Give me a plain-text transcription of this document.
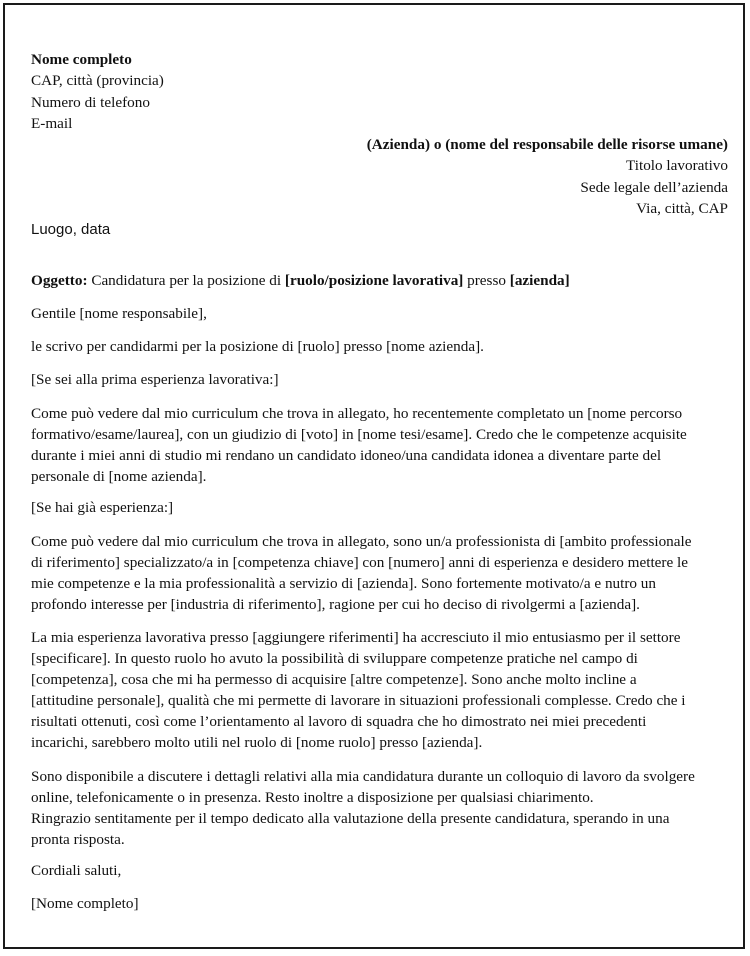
Nome completo
CAP, città (provincia)
Numero di telefono
E-mail
(Azienda) o (nome del responsabile delle risorse umane)
Titolo lavorativo
Sede legale dell’azienda
Via, città, CAP
Luogo, data
Oggetto: Candidatura per la posizione di [ruolo/posizione lavorativa] presso [azienda]
Gentile [nome responsabile],
le scrivo per candidarmi per la posizione di [ruolo] presso [nome azienda].
[Se sei alla prima esperienza lavorativa:]
Come può vedere dal mio curriculum che trova in allegato, ho recentemente completato un [nome percorso
formativo/esame/laurea], con un giudizio di [voto] in [nome tesi/esame]. Credo che le competenze acquisite
durante i miei anni di studio mi rendano un candidato idoneo/una candidata idonea a diventare parte del
personale di [nome azienda].
[Se hai già esperienza:]
Come può vedere dal mio curriculum che trova in allegato, sono un/a professionista di [ambito professionale
di riferimento] specializzato/a in [competenza chiave] con [numero] anni di esperienza e desidero mettere le
mie competenze e la mia professionalità a servizio di [azienda]. Sono fortemente motivato/a e nutro un
profondo interesse per [industria di riferimento], ragione per cui ho deciso di rivolgermi a [azienda].
La mia esperienza lavorativa presso [aggiungere riferimenti] ha accresciuto il mio entusiasmo per il settore
[specificare]. In questo ruolo ho avuto la possibilità di sviluppare competenze pratiche nel campo di
[competenza], cosa che mi ha permesso di acquisire [altre competenze]. Sono anche molto incline a
[attitudine personale], qualità che mi permette di lavorare in situazioni professionali complesse. Credo che i
risultati ottenuti, così come l’orientamento al lavoro di squadra che ho dimostrato nei miei precedenti
incarichi, sarebbero molto utili nel ruolo di [nome ruolo] presso [azienda].
Sono disponibile a discutere i dettagli relativi alla mia candidatura durante un colloquio di lavoro da svolgere
online, telefonicamente o in presenza. Resto inoltre a disposizione per qualsiasi chiarimento.
Ringrazio sentitamente per il tempo dedicato alla valutazione della presente candidatura, sperando in una
pronta risposta.
Cordiali saluti,
[Nome completo]
